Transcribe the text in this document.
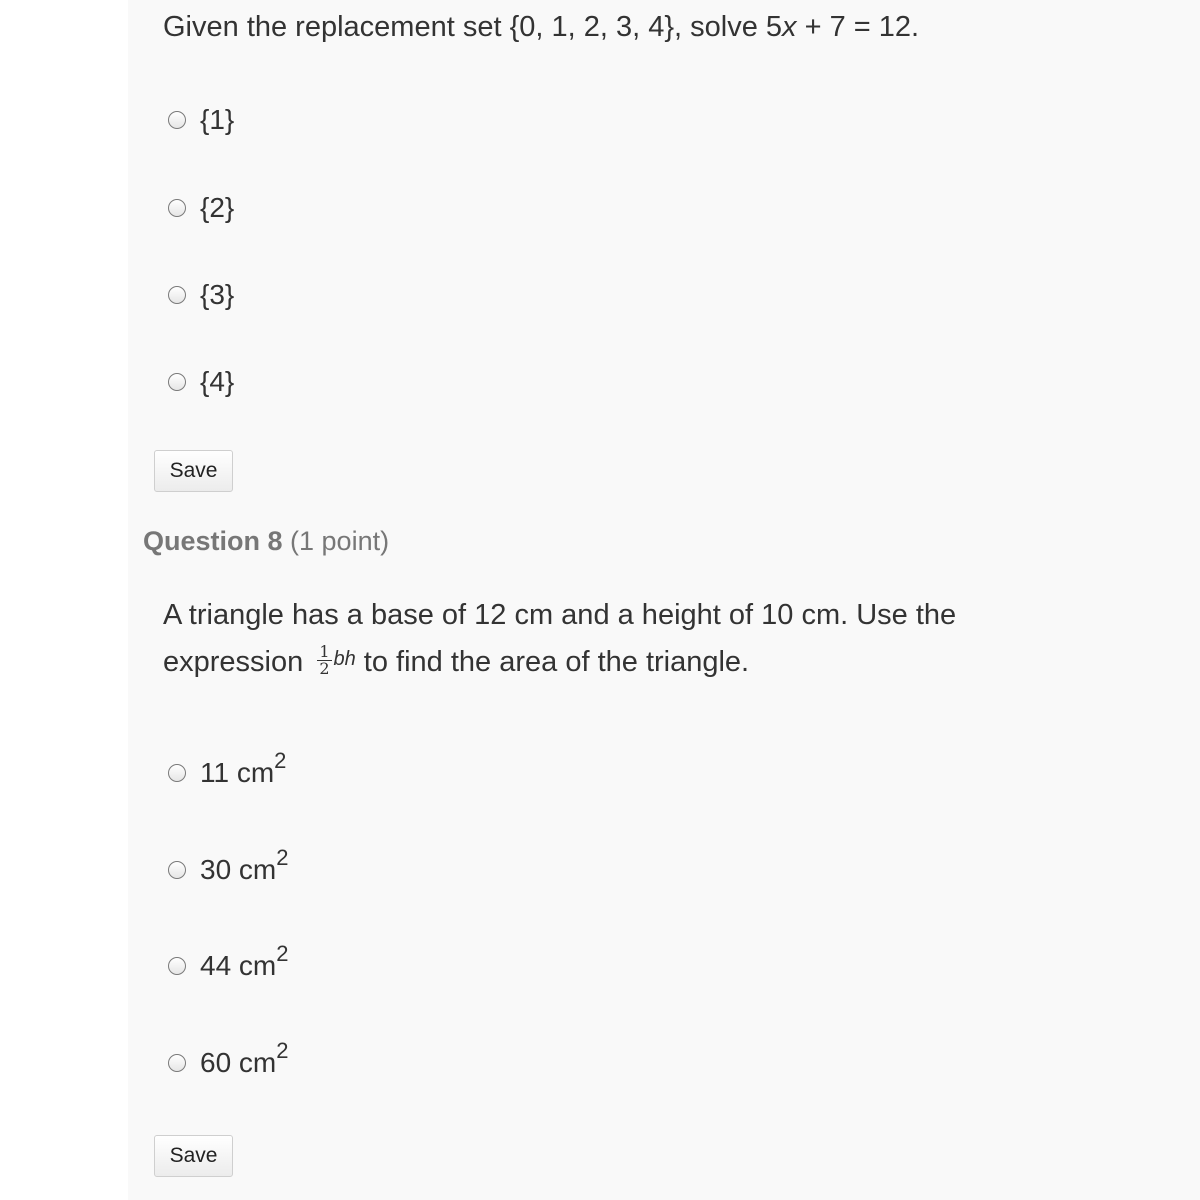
Given the replacement set {0, 1, 2, 3, 4}, solve 5x + 7 = 12.

{1}
{2}
{3}
{4}
Save
Question 8 (1 point)

A triangle has a base of 12 cm and a height of 10 cm. Use the
expression $\frac{1}{2} ^{bh}$ to find the area of the triangle.

11 $cm^2$
30 $cm^2$
44 $cm^2$
60 $cm^2$
Save
